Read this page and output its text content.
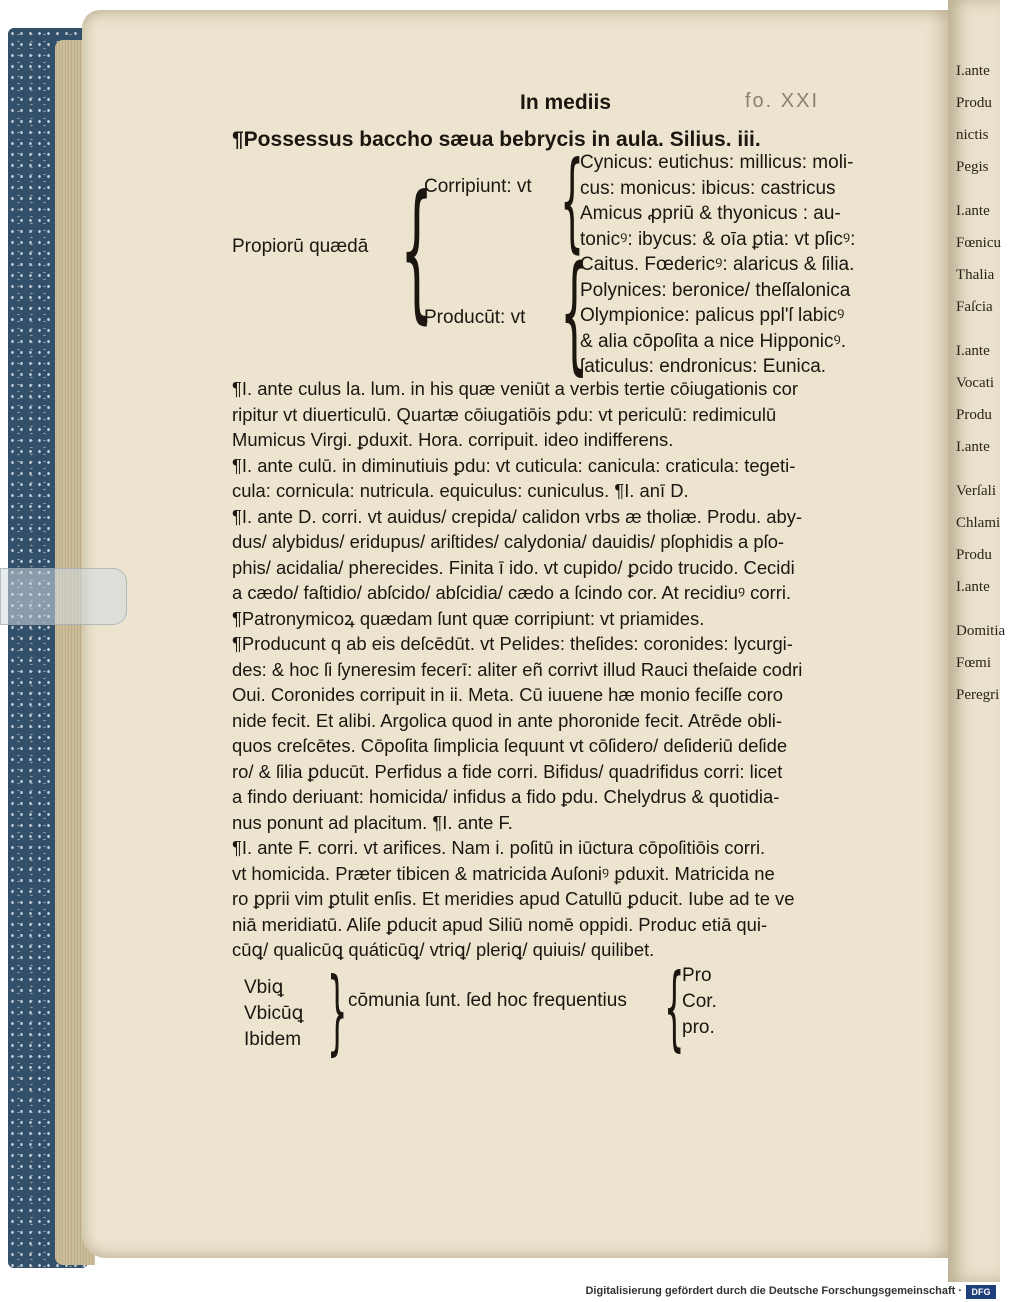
I.ante
Produ
nictis
Pegis
I.ante
Fœnicu
Thalia
Faſcia
I.ante
Vocati
Produ
I.ante
Verſali
Chlami
Produ
I.ante
Domitia
Fœmi
Peregri
fo. XXI
In mediis
¶Possessus baccho sæua bebrycis in aula. Silius. iii.
Propiorū quædā {
Corripiunt: vt
Producūt: vt
{
{
Cynicus: eutichus: millicus: moli-
cus: monicus: ibicus: castricus
Amicus ꝓpriū & thyonicus : au-
tonicꝰ: ibycus: & oīa ꝑtia: vt pſicꝰ:
Caitus. Fœdericꝰ: alaricus & ſilia.
Polynices: beronice/ theſſalonica
Olympionice: palicus ppl'ſ labicꝰ
& alia cōpoſita a nice Hipponicꝰ.
ſaticulus: endronicus: Eunica.
¶I. ante culus la. lum. in his quæ veniūt a verbis tertie cōiugationis cor
ripitur vt diuerticulū. Quartæ cōiugatiōis ꝑdu: vt periculū: redimiculū
Mumicus Virgi. ꝑduxit. Hora. corripuit. ideo indifferens.
¶I. ante culū. in diminutiuis ꝑdu: vt cuticula: canicula: craticula: tegeti-
cula: cornicula: nutricula. equiculus: cuniculus. ¶I. anī D.
¶I. ante D. corri. vt auidus/ crepida/ calidon vrbs æ tholiæ. Produ. aby-
dus/ alybidus/ eridupus/ ariſtides/ calydonia/ dauidis/ pſophidis a pſo-
phis/ acidalia/ pherecides. Finita ī ido. vt cupido/ ꝑcido trucido. Cecidi
a cædo/ faſtidio/ abſcido/ abſcidia/ cædo a ſcindo cor. At recidiuꝰ corri.
¶Patronymicoꝝ quædam ſunt quæ corripiunt: vt priamides.
¶Producunt q ab eis deſcēdūt. vt Pelides: theſides: coronides: lycurgi-
des: & hoc ſi ſyneresim fecerī: aliter eñ corrivt illud Rauci theſaide codri
Oui. Coronides corripuit in ii. Meta. Cū iuuene hæ monio feciſſe coro
nide fecit. Et alibi. Argolica quod in ante phoronide fecit. Atrēde obli-
quos creſcētes. Cōpoſita ſimplicia ſequunt vt cōſidero/ deſideriū deſide
ro/ & ſilia ꝑducūt. Perfidus a fide corri. Bifidus/ quadrifidus corri: licet
a findo deriuant: homicida/ infidus a fido ꝑdu. Chelydrus & quotidia-
nus ponunt ad placitum. ¶I. ante F.
¶I. ante F. corri. vt arifices. Nam i. poſitū in iūctura cōpoſitiōis corri.
vt homicida. Præter tibicen & matricida Auſoniꝰ ꝑduxit. Matricida ne
ro ꝑprii vim ꝑtulit enſis. Et meridies apud Catullū ꝑducit. Iube ad te ve
niā meridiatū. Aliſe ꝑducit apud Siliū nomē oppidi. Produc etiā qui-
cūꝗ/ qualicūꝗ quáticūꝗ/ vtriꝗ/ pleriꝗ/ quiuis/ quilibet.
Vbiꝗ
Vbicūꝗ
Ibidem } cōmunia ſunt. ſed hoc frequentius {
Pro
Cor.
pro.
Digitalisierung gefördert durch die Deutsche Forschungsgemeinschaft ·	DFG
